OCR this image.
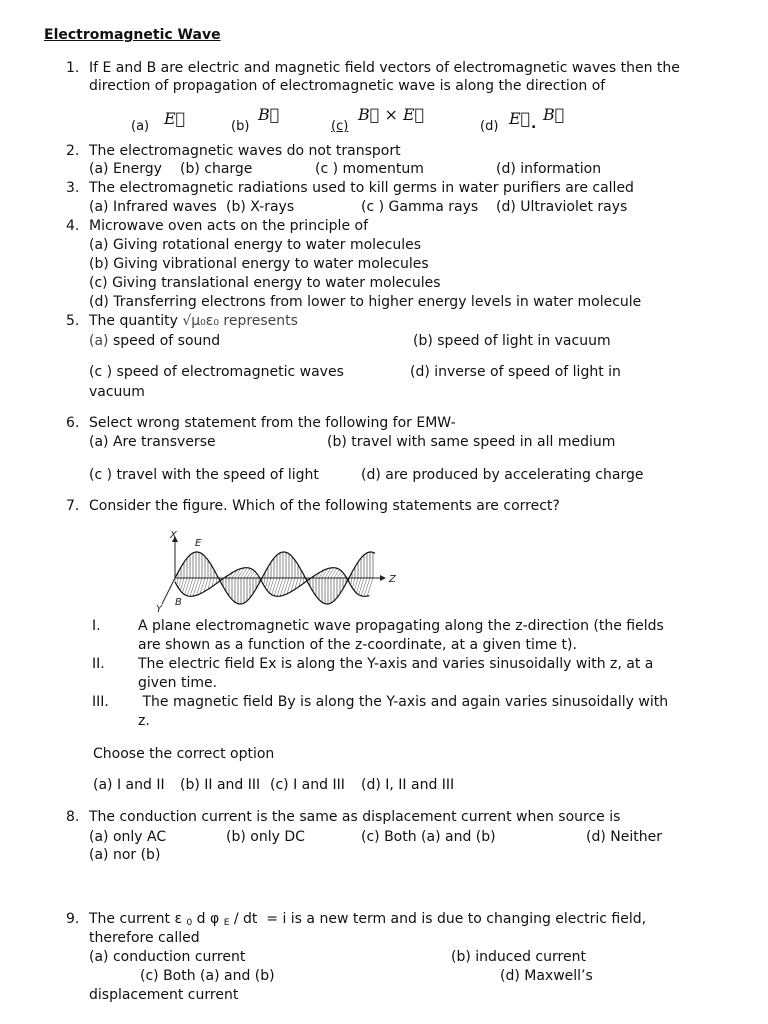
Electromagnetic Wave
1. If E and B are electric and magnetic field vectors of electromagnetic waves then the
direction of propagation of electromagnetic wave is along the direction of
(a) E⃗	(b)
B⃗
(c)
B⃗ × E⃗
(d) E⃗ . B⃗
2. The electromagnetic waves do not transport
(a) Energy (b) charge	(c ) momentum	(d) information
3. The electromagnetic radiations used to kill germs in water purifiers are called
(a) Infrared waves (b) X-rays	(c ) Gamma rays (d) Ultraviolet rays
4. Microwave oven acts on the principle of
(a) Giving rotational energy to water molecules
(b) Giving vibrational energy to water molecules
(c) Giving translational energy to water molecules
(d) Transferring electrons from lower to higher energy levels in water molecule
5. The quantity √μ₀ε₀ represents
(a) speed of sound	(b) speed of light in vacuum
(c ) speed of electromagnetic waves	(d) inverse of speed of light in
vacuum
6. Select wrong statement from the following for EMW-
(a) Are transverse	(b) travel with same speed in all medium
(c ) travel with the speed of light	(d) are produced by accelerating charge
7. Consider the figure. Which of the following statements are correct?
X
E
Z
Y
B
I.	A plane electromagnetic wave propagating along the z-direction (the fields
are shown as a function of the z-coordinate, at a given time t).
II. The electric field Ex is along the Y-axis and varies sinusoidally with z, at a
given time.
III. The magnetic field By is along the Y-axis and again varies sinusoidally with
z.
Choose the correct option
(a) I and II (b) II and III (c) I and III (d) I, II and III
8. The conduction current is the same as displacement current when source is
(a) only AC	(b) only DC	(c) Both (a) and (b)	(d) Neither
(a) nor (b)
9. The current ε $_0$ d φ $_E$ / dt  = i is a new term and is due to changing electric field,
therefore called
(a) conduction current	(b) induced current
(c) Both (a) and (b)	(d) Maxwell’s
displacement current
